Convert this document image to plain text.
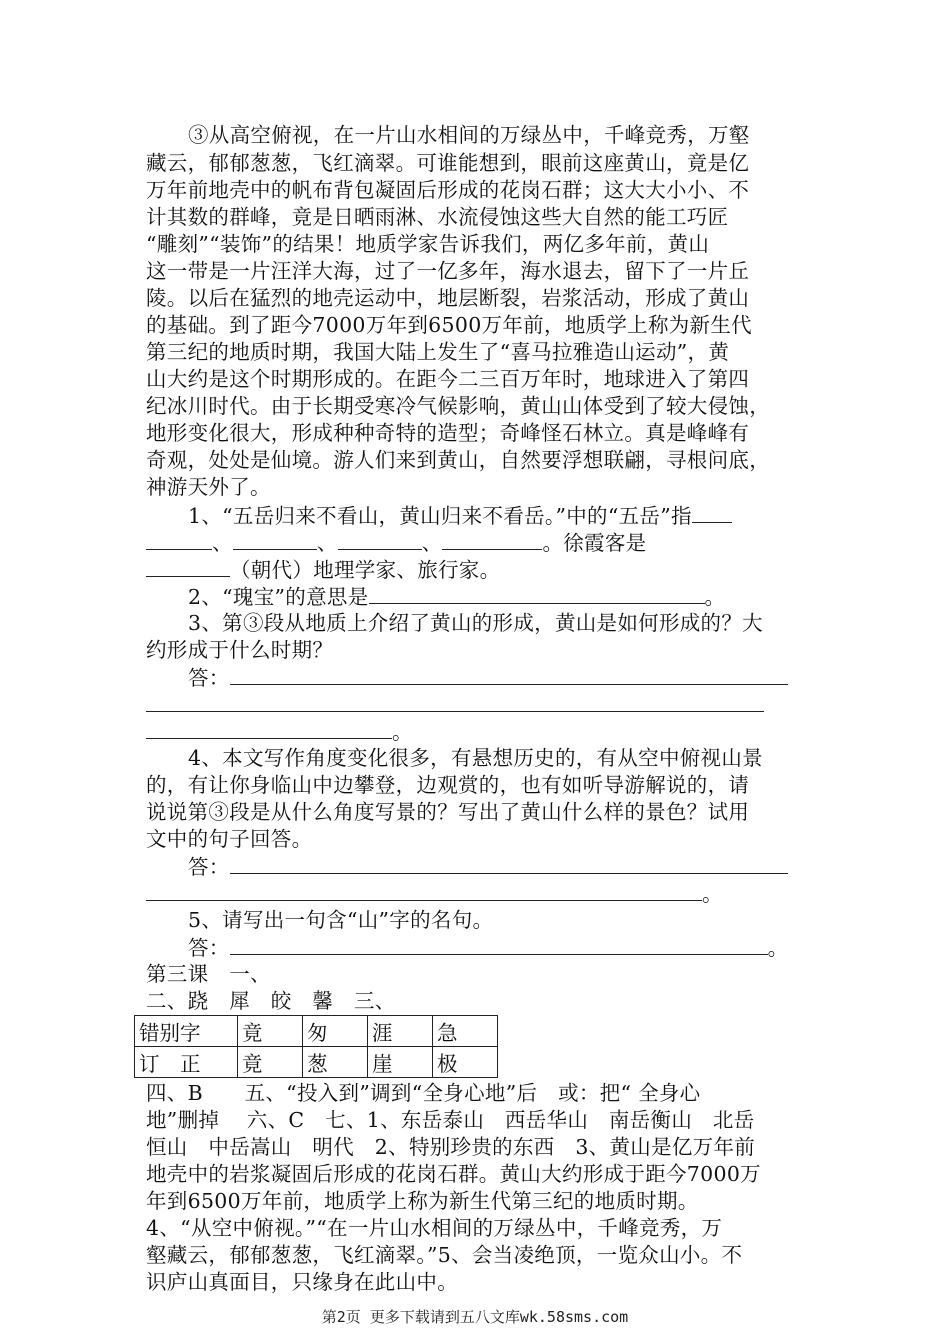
③从高空俯视，在一片山水相间的万绿丛中，千峰竞秀，万壑
藏云，郁郁葱葱，飞红滴翠。可谁能想到，眼前这座黄山，竟是亿
万年前地壳中的帆布背包凝固后形成的花岗石群；这大大小小、不
计其数的群峰，竟是日晒雨淋、水流侵蚀这些大自然的能工巧匠
“雕刻”“装饰”的结果！地质学家告诉我们，两亿多年前，黄山
这一带是一片汪洋大海，过了一亿多年，海水退去，留下了一片丘
陵。以后在猛烈的地壳运动中，地层断裂，岩浆活动，形成了黄山
的基础。到了距今7000万年到6500万年前，地质学上称为新生代
第三纪的地质时期，我国大陆上发生了“喜马拉雅造山运动”，黄
山大约是这个时期形成的。在距今二三百万年时，地球进入了第四
纪冰川时代。由于长期受寒冷气候影响，黄山山体受到了较大侵蚀，
地形变化很大，形成种种奇特的造型；奇峰怪石林立。真是峰峰有
奇观，处处是仙境。游人们来到黄山，自然要浮想联翩，寻根问底，
神游天外了。
1、“五岳归来不看山，黄山归来不看岳。”中的“五岳”指
、	、	、	。徐霞客是
（朝代）地理学家、旅行家。
2、“瑰宝”的意思是	。
3、第③段从地质上介绍了黄山的形成，黄山是如何形成的？大
约形成于什么时期？
答：
。
4、本文写作角度变化很多，有悬想历史的，有从空中俯视山景
的，有让你身临山中边攀登，边观赏的，也有如听导游解说的，请
说说第③段是从什么角度写景的？写出了黄山什么样的景色？试用
文中的句子回答。
答：
。
5、请写出一句含“山”字的名句。
答：	。
第三课　一、
二、跷　犀　皎　馨　三、
错别字	竟	匆	涯	急
订　正	竟	葱	崖	极
四、B　　五、“投入到”调到“全身心地”后　或：把“ 全身心
地”删掉　 六、C　七、1、东岳泰山　西岳华山　南岳衡山　北岳
恒山　中岳嵩山　明代　2、特别珍贵的东西　3、黄山是亿万年前
地壳中的岩浆凝固后形成的花岗石群。黄山大约形成于距今7000万
年到6500万年前，地质学上称为新生代第三纪的地质时期。
4、“从空中俯视。”“在一片山水相间的万绿丛中，千峰竞秀，万
壑藏云，郁郁葱葱，飞红滴翠。”5、会当凌绝顶，一览众山小。不
识庐山真面目，只缘身在此山中。
第2页 更多下载请到五八文库wk.58sms.com
